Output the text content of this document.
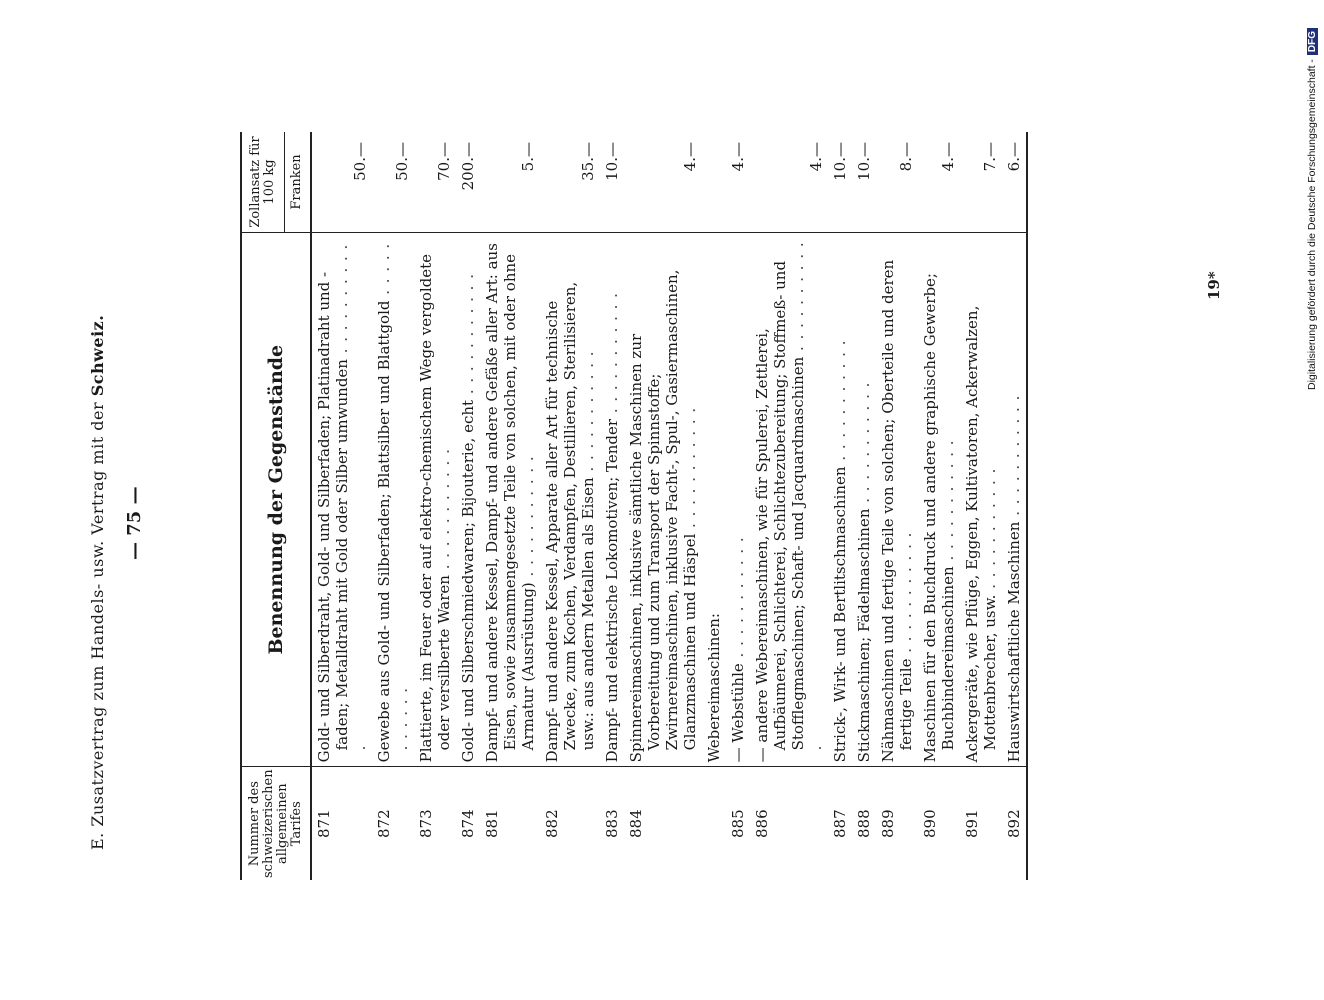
E. Zusatzvertrag zum Handels- usw. Vertrag mit der Schweiz.
— 75 —
Nummer des schweizerischen allgemeinen Tarifes	Benennung der Gegenstände	Zollansatz für 100 kg
		Franken
871	Gold- und Silberdraht, Gold- und Silberfaden; Platinadraht und -faden; Metalldraht mit Gold oder Silber umwunden . . .	50.—
872	Gewebe aus Gold- und Silberfaden; Blattsilber und Blattgold . . .	50.—
873	Plattierte, im Feuer oder auf elektro-chemischem Wege vergoldete oder versilberte Waren . . .	70.—
874	Gold- und Silberschmiedwaren; Bijouterie, echt . . .	200.—
881	Dampf- und andere Kessel, Dampf- und andere Gefäße aller Art: aus Eisen, sowie zusammengesetzte Teile von solchen, mit oder ohne Armatur (Ausrüstung) . . .	5.—
882	Dampf- und andere Kessel, Apparate aller Art für technische Zwecke, zum Kochen, Verdampfen, Destillieren, Sterilisieren, usw.: aus andern Metallen als Eisen . . .	35.—
883	Dampf- und elektrische Lokomotiven; Tender . . .	10.—
884	Spinnereimaschinen, inklusive sämtliche Maschinen zur Vorbereitung und zum Transport der Spinnstoffe; Zwirnereimaschinen, inklusive Facht-, Spul-, Gasiermaschinen, Glanzmaschinen und Häspel . . .	4.—
	Webereimaschinen:	
885	— Webstühle . . .	4.—
886	— andere Webereimaschinen, wie für Spulerei, Zettlerei, Aufbäumerei, Schlichterei, Schlichtezubereitung; Stoffmeß- und Stofflegmaschinen; Schaft- und Jacquardmaschinen . . .	4.—
887	Strick-, Wirk- und Bertlitschmaschinen . . .	10.—
888	Stickmaschinen; Fädelmaschinen . . .	10.—
889	Nähmaschinen und fertige Teile von solchen; Oberteile und deren fertige Teile . . .	8.—
890	Maschinen für den Buchdruck und andere graphische Gewerbe; Buchbindereimaschinen . . .	4.—
891	Ackergeräte, wie Pflüge, Eggen, Kultivatoren, Ackerwalzen, Mottenbrecher, usw. . . .	7.—
892	Hauswirtschaftliche Maschinen . . .	6.—
19*	Digitalisierung gefördert durch die Deutsche Forschungsgemeinschaft -DFG
